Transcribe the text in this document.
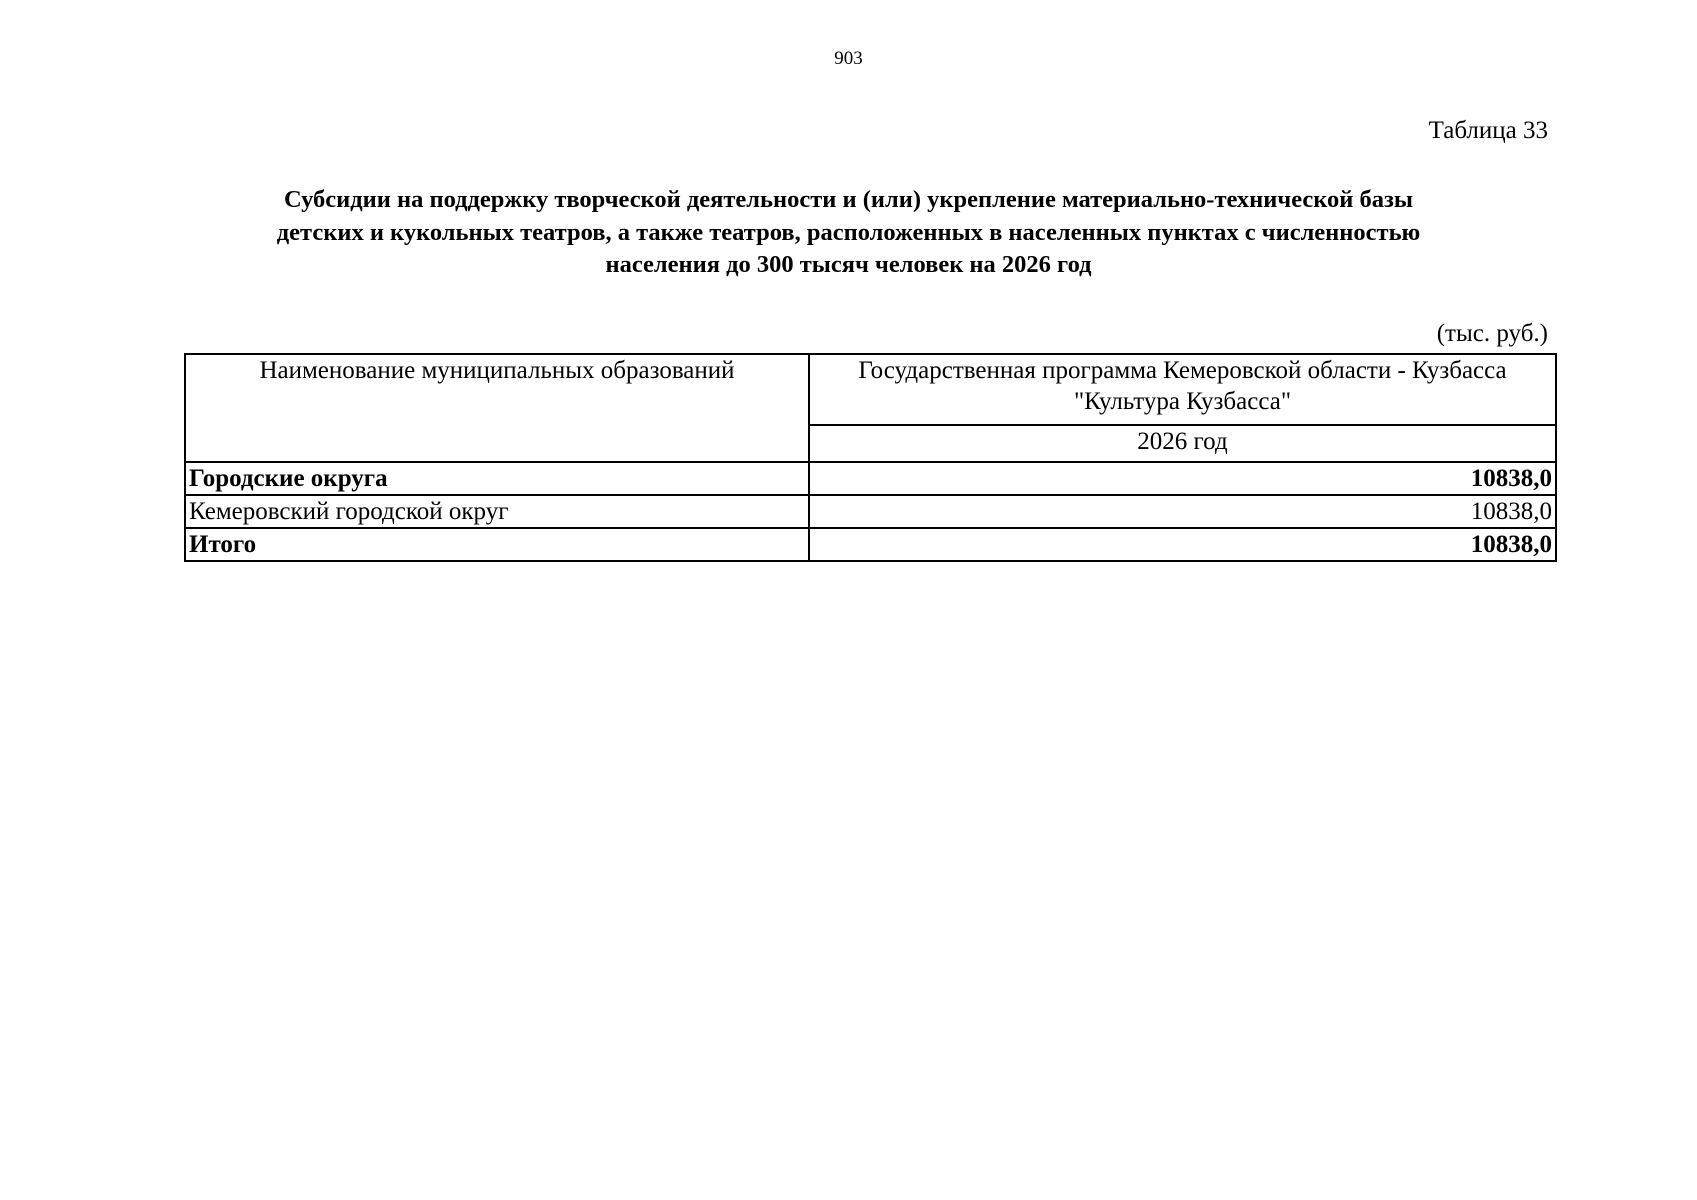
903
Таблица 33
Субсидии на поддержку творческой деятельности и (или) укрепление материально-технической базы
детских и кукольных театров, а также театров, расположенных в населенных пунктах с численностью
населения до 300 тысяч человек на 2026 год
(тыс. руб.)
Наименование муниципальных образований	Государственная программа Кемеровской области - Кузбасса "Культура Кузбасса"
	2026 год
Городские округа	10838,0
Кемеровский городской округ	10838,0
Итого	10838,0
